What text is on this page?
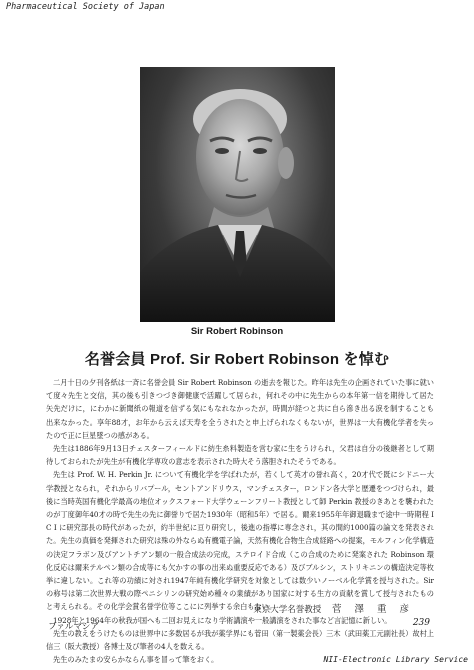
Pharmaceutical Society of Japan
Sir Robert Robinson
名誉会員 Prof. Sir Robert Robinson を悼む

二月十日の夕刊各紙は一斉に名誉会員 Sir Robert Robinson の逝去を報じた。昨年は先生の企画されていた事に就いて度々先生と交信，其の後も引きつづき御健康で活躍して居られ，何れその中に先生からの本年第一信を期待して居た矢先だけに，にわかに新聞紙の報道を信ずる気にもなれなかったが，時間が経つと共に自ら滲き出る涙を制することも出来なかった。享年88才，お年から云えば天寿を全うされたと申上げられなくもないが，世界は一大有機化学者を失ったので正に巨星墜つの感がある。

先生は1886年9月13日チェスターフィールドに紡生糸料製造を営む家に生をうけられ，父君は自分の後継者として期待しておられたが先生が有機化学専攻の意志を表示された時大そう落胆されたそうである。

先生は Prof. W. H. Perkin Jr. について有機化学を学ばれたが，若くして英才の誉れ高く，20才代で既にシドニー大学教授となられ，それからリバプール，セントアンドリウス，マンチェスター，ロンドン各大学と歴遷をつづけられ，最後に当時英国有機化学最高の地位オックスフォード大学ウェーンフリート教授として師 Perkin 教授のきあとを襲われたのが丁度御年40才の時で先生の先に御誉りで居た1930年（昭和5年）で居る。爾来1955年年御退職まで途中一時期程 I C I に研究部長の時代があったが，約半世紀に亘り研究し，後進の指導に専念され，其の間約1000篇の論文を発表された。先生の真価を発揮された研究は殊の外ならぬ有機電子論，天然有機化合物生合成経路への提案，モルフィン化学構造の決定フラボン及びアントチアン類の一般合成法の完成，ステロイド合成（この合成のために発案された Robinson 環化反応は爾来テルペン類の合成等にも欠かすの事の出来ぬ重要反応である）及びブルシン，ストリキニンの構造決定等枚挙に違しない。これ等の功績に対され1947年純有機化学研究を対象としては数少いノーベル化学賞を授与された。Sir の称号は第二次世界大戦の際ペニシリンの研究始め種々の業績があり国家に対する生方の貢献を賞して授与されたものと考えられる。その化学会賞名誉学位等ここにに列挙する余白もない。

1928年と1964年の秋我が国へも二回お見えになり学術講演や一般講演をされた事など言記憶に新しい。

先生の教えをうけたものは世界中に多数居るが我が薬学界にも菅田（第一製薬会長）三木（武田薬工元副社長）故村上信三（阪大教授）各博士及び筆者の4人を数える。

先生のみたまの安らかならん事を冒って筆をおく。

東京大学名誉教授 菅 澤 重 彦
ファルマシア	239
NII-Electronic Library Service
